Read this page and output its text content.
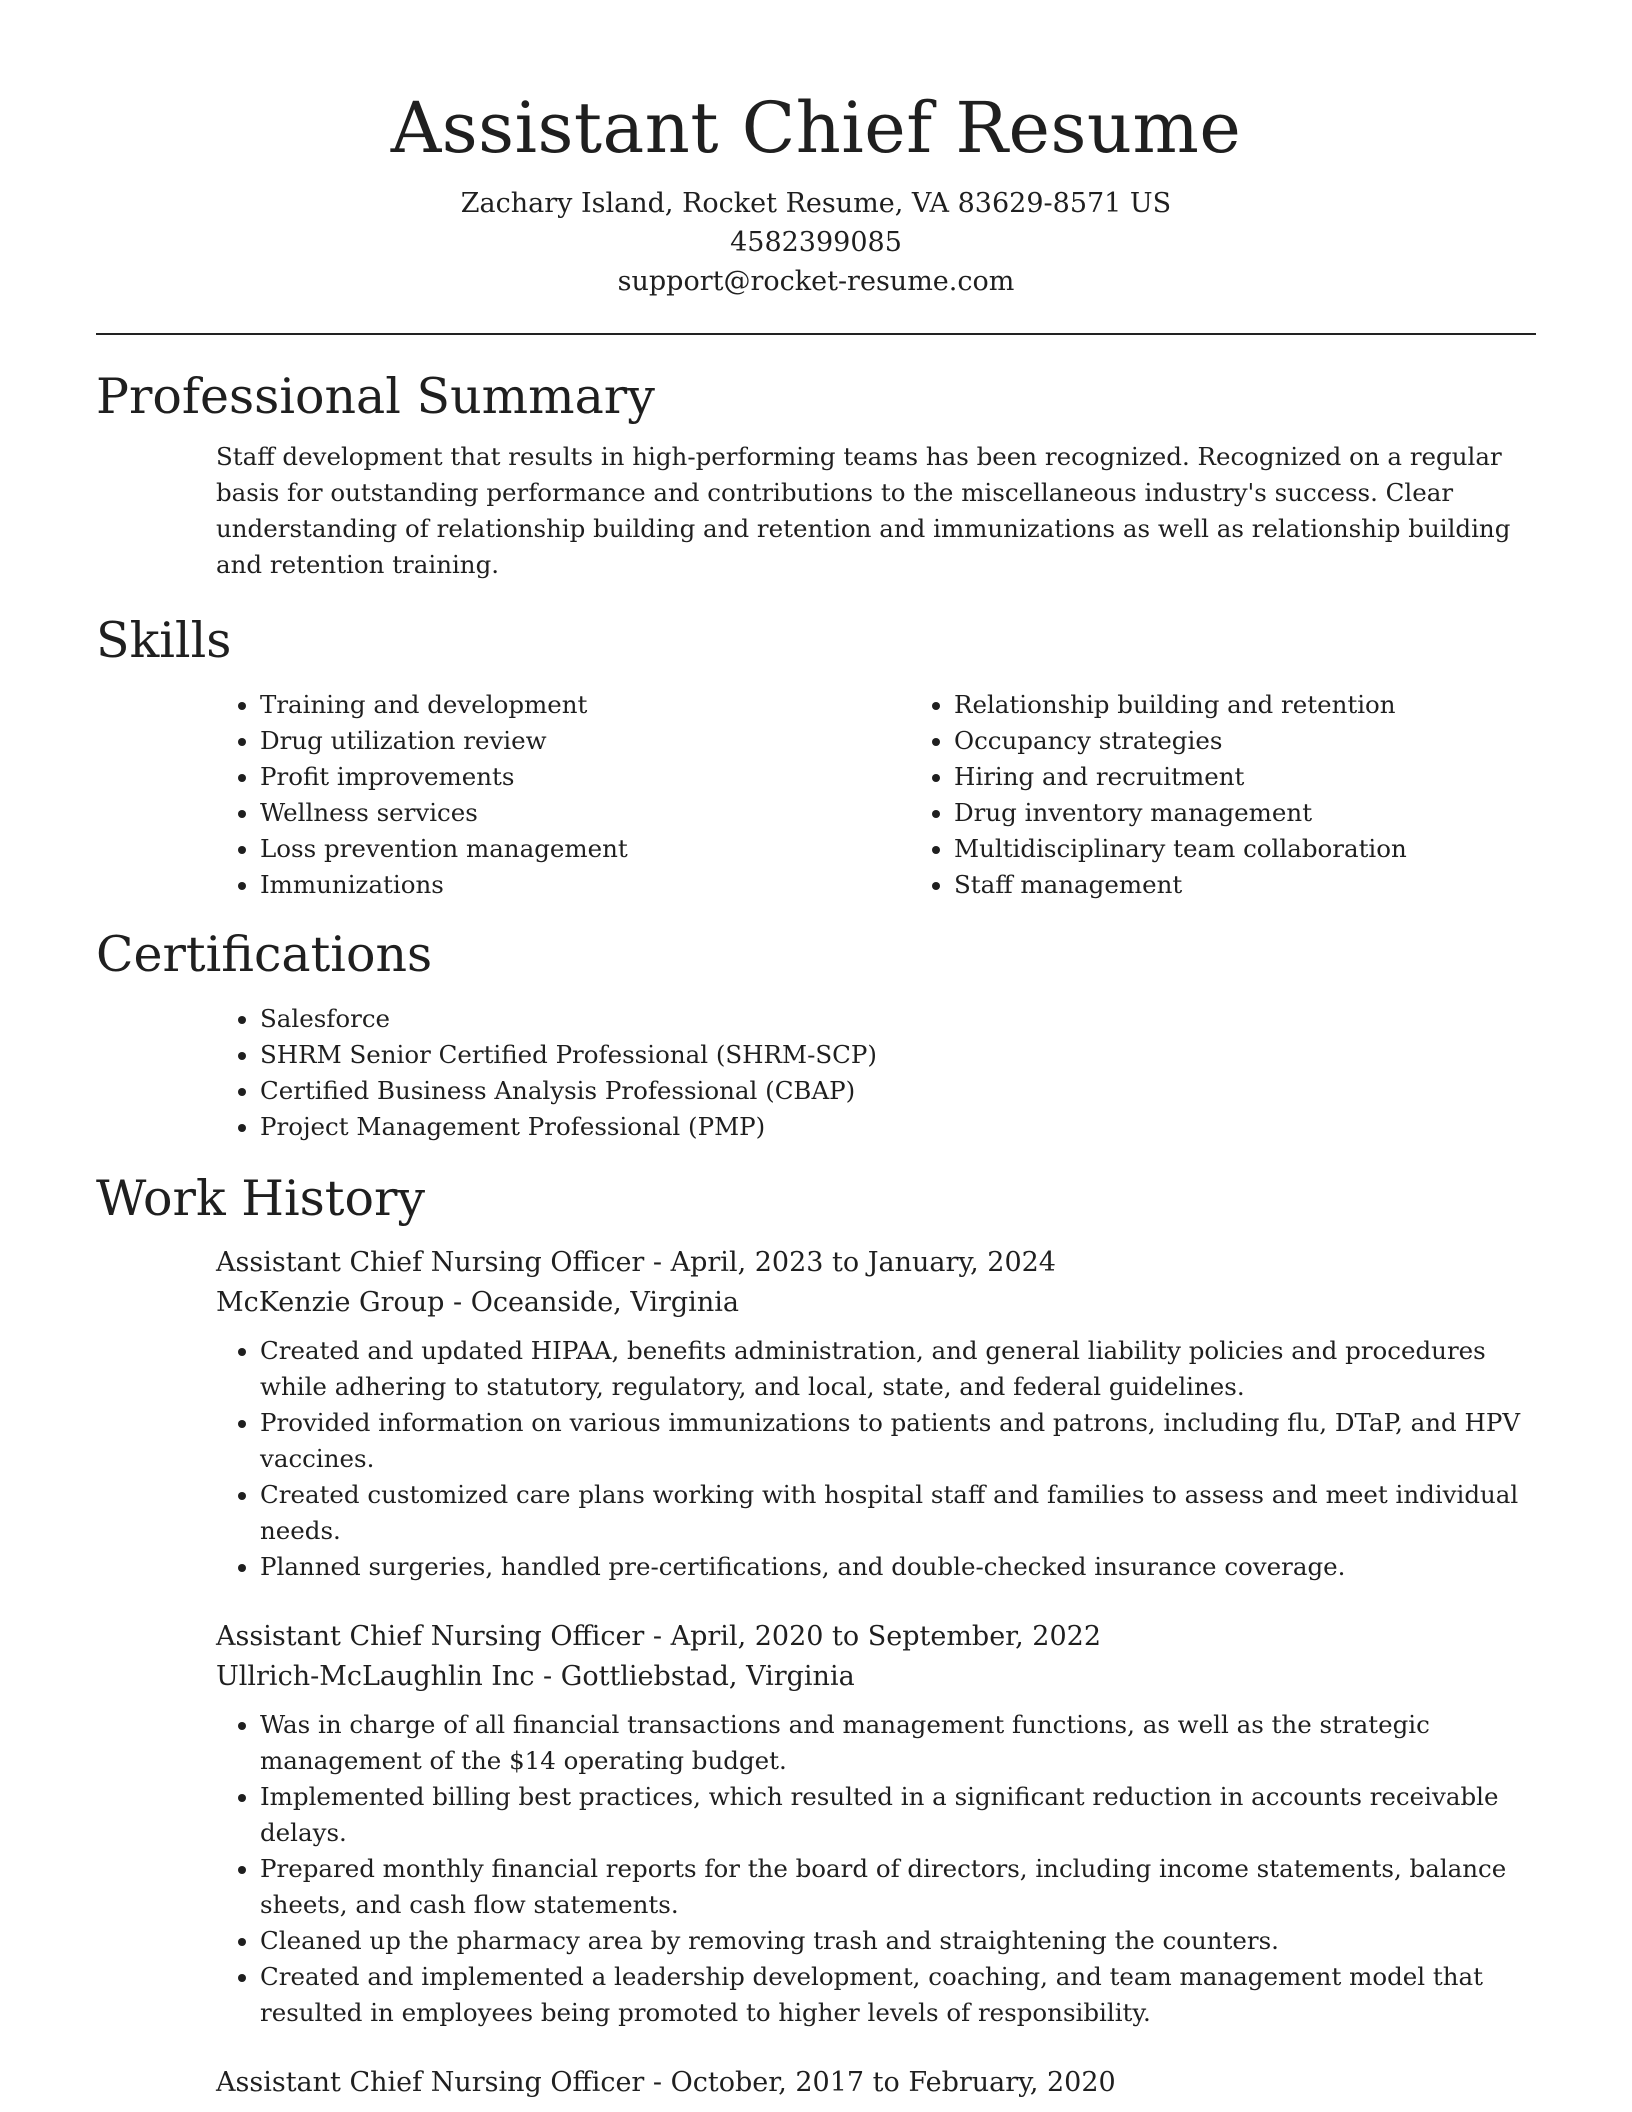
Assistant Chief Resume
Zachary Island, Rocket Resume, VA 83629-8571 US
4582399085
support@rocket-resume.com
Professional Summary

Staff development that results in high-performing teams has been recognized. Recognized on a regular basis for outstanding performance and contributions to the miscellaneous industry's success. Clear understanding of relationship building and retention and immunizations as well as relationship building and retention training.

Skills
• Training and development
• Drug utilization review
• Profit improvements
• Wellness services
• Loss prevention management
• Immunizations
• Relationship building and retention
• Occupancy strategies
• Hiring and recruitment
• Drug inventory management
• Multidisciplinary team collaboration
• Staff management
Certifications
• Salesforce
• SHRM Senior Certified Professional (SHRM-SCP)
• Certified Business Analysis Professional (CBAP)
• Project Management Professional (PMP)
Work History

Assistant Chief Nursing Officer - April, 2023 to January, 2024

McKenzie Group - Oceanside, Virginia

• Created and updated HIPAA, benefits administration, and general liability policies and procedures while adhering to statutory, regulatory, and local, state, and federal guidelines.
• Provided information on various immunizations to patients and patrons, including flu, DTaP, and HPV vaccines.
• Created customized care plans working with hospital staff and families to assess and meet individual needs.
• Planned surgeries, handled pre-certifications, and double-checked insurance coverage.

Assistant Chief Nursing Officer - April, 2020 to September, 2022

Ullrich-McLaughlin Inc - Gottliebstad, Virginia

• Was in charge of all financial transactions and management functions, as well as the strategic management of the $14 operating budget.
• Implemented billing best practices, which resulted in a significant reduction in accounts receivable delays.
• Prepared monthly financial reports for the board of directors, including income statements, balance sheets, and cash flow statements.
• Cleaned up the pharmacy area by removing trash and straightening the counters.
• Created and implemented a leadership development, coaching, and team management model that resulted in employees being promoted to higher levels of responsibility.

Assistant Chief Nursing Officer - October, 2017 to February, 2020
